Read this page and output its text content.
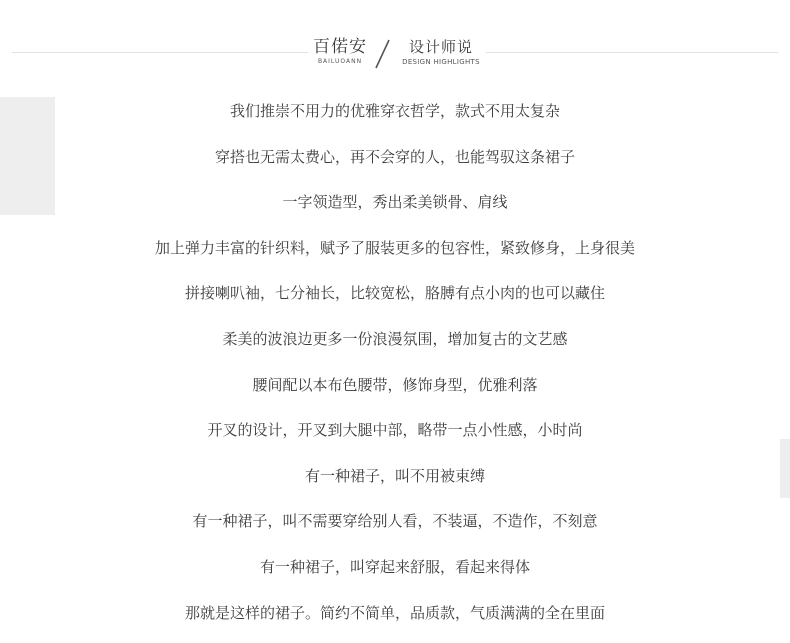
百偌安
BAILUOANN
设计师说
DESIGN HIGHLIGHTS
我们推崇不用力的优雅穿衣哲学，款式不用太复杂
穿搭也无需太费心，再不会穿的人，也能驾驭这条裙子
一字领造型，秀出柔美锁骨、肩线
加上弹力丰富的针织料，赋予了服装更多的包容性，紧致修身，上身很美
拼接喇叭袖，七分袖长，比较宽松，胳膊有点小肉的也可以藏住
柔美的波浪边更多一份浪漫氛围，增加复古的文艺感
腰间配以本布色腰带，修饰身型，优雅利落
开叉的设计，开叉到大腿中部，略带一点小性感，小时尚
有一种裙子，叫不用被束缚
有一种裙子，叫不需要穿给别人看，不装逼，不造作，不刻意
有一种裙子，叫穿起来舒服，看起来得体
那就是这样的裙子。简约不简单，品质款，气质满满的全在里面
